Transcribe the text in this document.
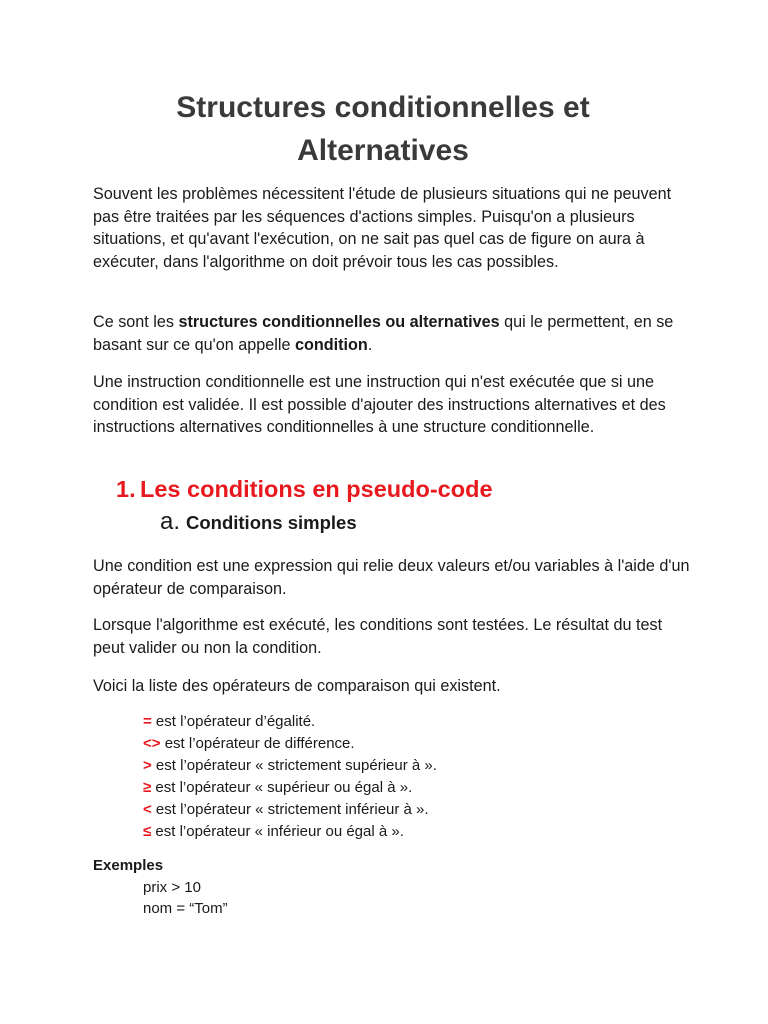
Structures conditionnelles et Alternatives

Souvent les problèmes nécessitent l'étude de plusieurs situations qui ne peuvent pas être traitées par les séquences d'actions simples. Puisqu'on a plusieurs situations, et qu'avant l'exécution, on ne sait pas quel cas de figure on aura à exécuter, dans l'algorithme on doit prévoir tous les cas possibles.

Ce sont les structures conditionnelles ou alternatives qui le permettent, en se basant sur ce qu'on appelle condition.

Une instruction conditionnelle est une instruction qui n'est exécutée que si une condition est validée. Il est possible d'ajouter des instructions alternatives et des instructions alternatives conditionnelles à une structure conditionnelle.

1. Les conditions en pseudo-code
a. Conditions simples

Une condition est une expression qui relie deux valeurs et/ou variables à l'aide d'un opérateur de comparaison.

Lorsque l'algorithme est exécuté, les conditions sont testées. Le résultat du test peut valider ou non la condition.

Voici la liste des opérateurs de comparaison qui existent.

= est l’opérateur d’égalité.
<> est l’opérateur de différence.
> est l’opérateur « strictement supérieur à ».
≥ est l’opérateur « supérieur ou égal à ».
< est l’opérateur « strictement inférieur à ».
≤ est l’opérateur « inférieur ou égal à ».

Exemples

prix > 10
nom = “Tom”
